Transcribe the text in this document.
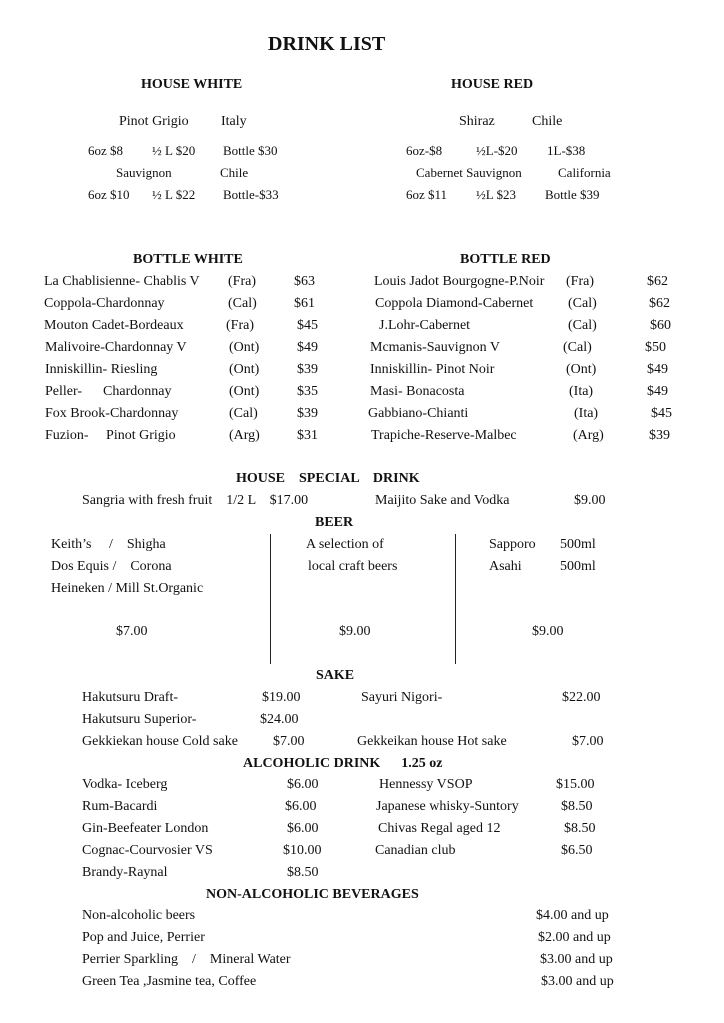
DRINK LIST
HOUSE WHITE
Pinot Grigio Italy
6oz $8 ½ L $20 Bottle $30
Sauvignon	Chile
6oz $10 ½ L $22 Bottle-$33
HOUSE RED
Shiraz	Chile
6oz-$8	½L-$20 1L-$38
Cabernet Sauvignon	California
6oz $11 ½L $23 Bottle $39
BOTTLE WHITE	BOTTLE RED
La Chablisienne- Chablis V (Fra)	$63
Coppola-Chardonnay	(Cal)	$61
Mouton Cadet-Bordeaux	(Fra)	$45
Malivoire-Chardonnay V	(Ont)	$49
Inniskillin- Riesling	(Ont)	$39
Peller-      Chardonnay	(Ont)	$35
Fox Brook-Chardonnay	(Cal)	$39
Fuzion-     Pinot Grigio	(Arg)	$31
Louis Jadot Bourgogne-P.Noir (Fra)	$62
Coppola Diamond-Cabernet (Cal)	$62
J.Lohr-Cabernet	(Cal)	$60
Mcmanis-Sauvignon V	(Cal)	$50
Inniskillin- Pinot Noir	(Ont)	$49
Masi- Bonacosta	(Ita)	$49
Gabbiano-Chianti	(Ita)	$45
Trapiche-Reserve-Malbec	(Arg)	$39
HOUSE    SPECIAL    DRINK
Sangria with fresh fruit    1/2 L    $17.00	Maijito Sake and Vodka	$9.00
BEER
Keith’s     /    Shigha
Dos Equis /    Corona
Heineken / Mill St.Organic
$7.00
A selection of
local craft beers
$9.00
Sapporo 500ml
Asahi	500ml
$9.00
SAKE
Hakutsuru Draft-	$19.00	Sayuri Nigori-	$22.00
Hakutsuru Superior-	$24.00
Gekkiekan house Cold sake	$7.00	Gekkeikan house Hot sake	$7.00
ALCOHOLIC DRINK      1.25 oz
Vodka- Iceberg	$6.00	Hennessy VSOP	$15.00
Rum-Bacardi	$6.00	Japanese whisky-Suntory	$8.50
Gin-Beefeater London	$6.00	Chivas Regal aged 12	$8.50
Cognac-Courvosier VS	$10.00	Canadian club	$6.50
Brandy-Raynal	$8.50
NON-ALCOHOLIC BEVERAGES
Non-alcoholic beers	$4.00 and up
Pop and Juice, Perrier	$2.00 and up
Perrier Sparkling    /    Mineral Water	$3.00 and up
Green Tea ,Jasmine tea, Coffee	$3.00 and up
